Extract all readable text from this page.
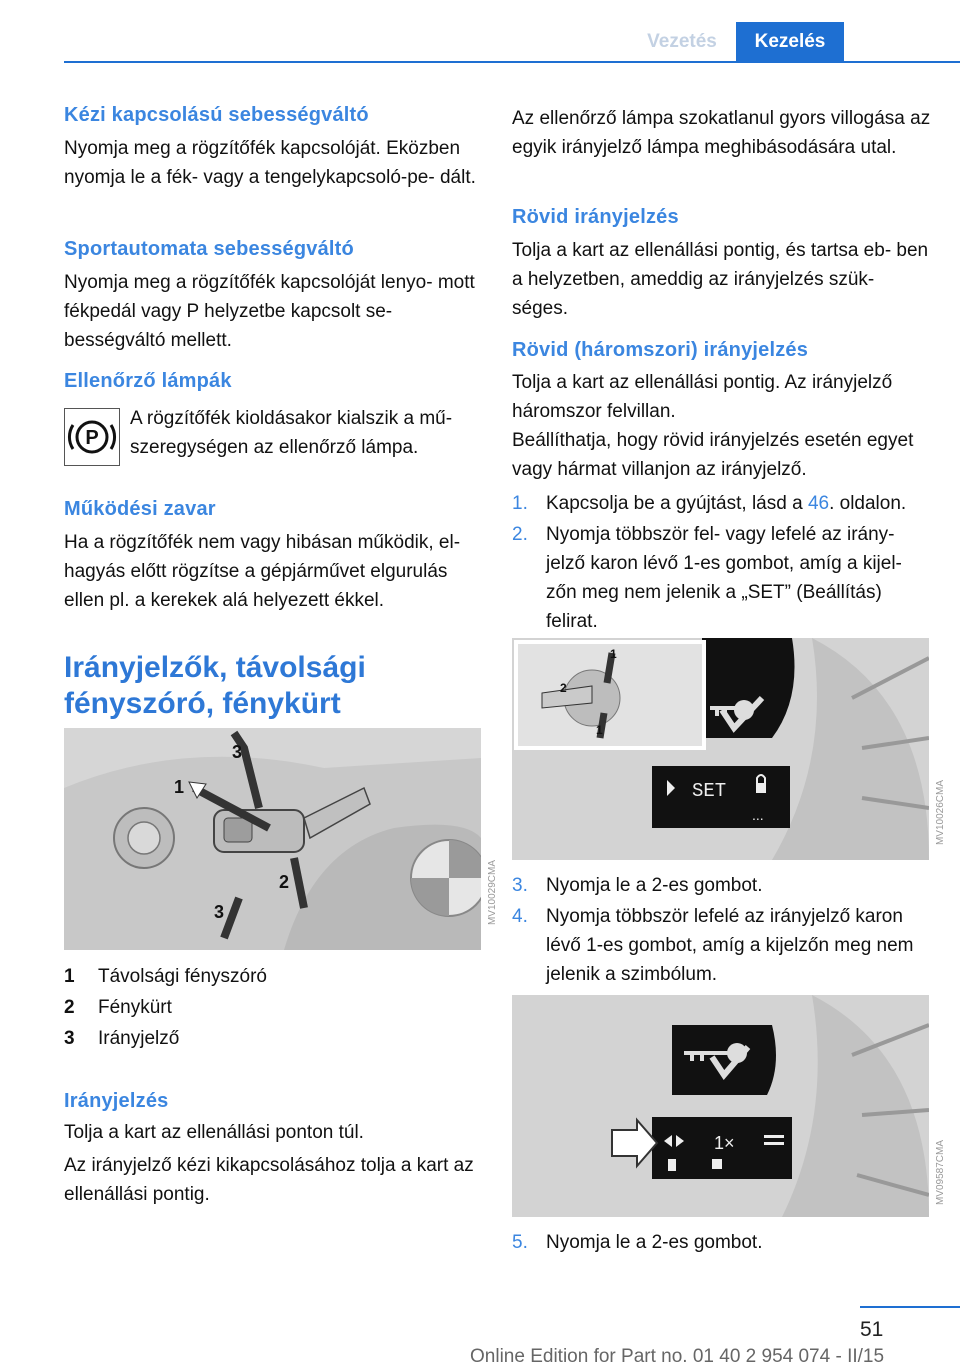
Vezetés	Kezelés
Kézi kapcsolású sebességváltó

Nyomja meg a rögzítőfék kapcsolóját. Eközben nyomja le a fék- vagy a tengelykapcsoló-pe‐ dált.

Sportautomata sebességváltó

Nyomja meg a rögzítőfék kapcsolóját lenyo‐ mott fékpedál vagy P helyzetbe kapcsolt se‐ bességváltó mellett.

Ellenőrző lámpák
P

A rögzítőfék kioldásakor kialszik a mű‐ szeregységen az ellenőrző lámpa.

Működési zavar

Ha a rögzítőfék nem vagy hibásan működik, el‐ hagyás előtt rögzítse a gépjárművet elgurulás ellen pl. a kerekek alá helyezett ékkel.

Irányjelzők, távolsági fényszóró, fénykürt
1
3
2
3	MV10029CMA
1 Távolsági fényszóró
2 Fénykürt
3 Irányjelző
Irányjelzés

Tolja a kart az ellenállási ponton túl.

Az irányjelző kézi kikapcsolásához tolja a kart az ellenállási pontig.

Az ellenőrző lámpa szokatlanul gyors villogása az egyik irányjelző lámpa meghibásodására utal.

Rövid irányjelzés

Tolja a kart az ellenállási pontig, és tartsa eb‐ ben a helyzetben, ameddig az irányjelzés szük‐ séges.

Rövid (háromszori) irányjelzés

Tolja a kart az ellenállási pontig. Az irányjelző háromszor felvillan.

Beállíthatja, hogy rövid irányjelzés esetén egyet vagy hármat villanjon az irányjelző.

1. Kapcsolja be a gyújtást, lásd a 46. oldalon.
2. Nyomja többször fel- vagy lefelé az irány‐ jelző karon lévő 1-es gombot, amíg a kijel‐ zőn meg nem jelenik a „SET” (Beállítás) felirat.
SET
...
2
1
1
MV10026CMA
3. Nyomja le a 2-es gombot.
4. Nyomja többször lefelé az irányjelző karon lévő 1-es gombot, amíg a kijelzőn meg nem jelenik a szimbólum.
1×	MV09587CMA
5. Nyomja le a 2-es gombot.
51
Online Edition for Part no. 01 40 2 954 074 - II/15
